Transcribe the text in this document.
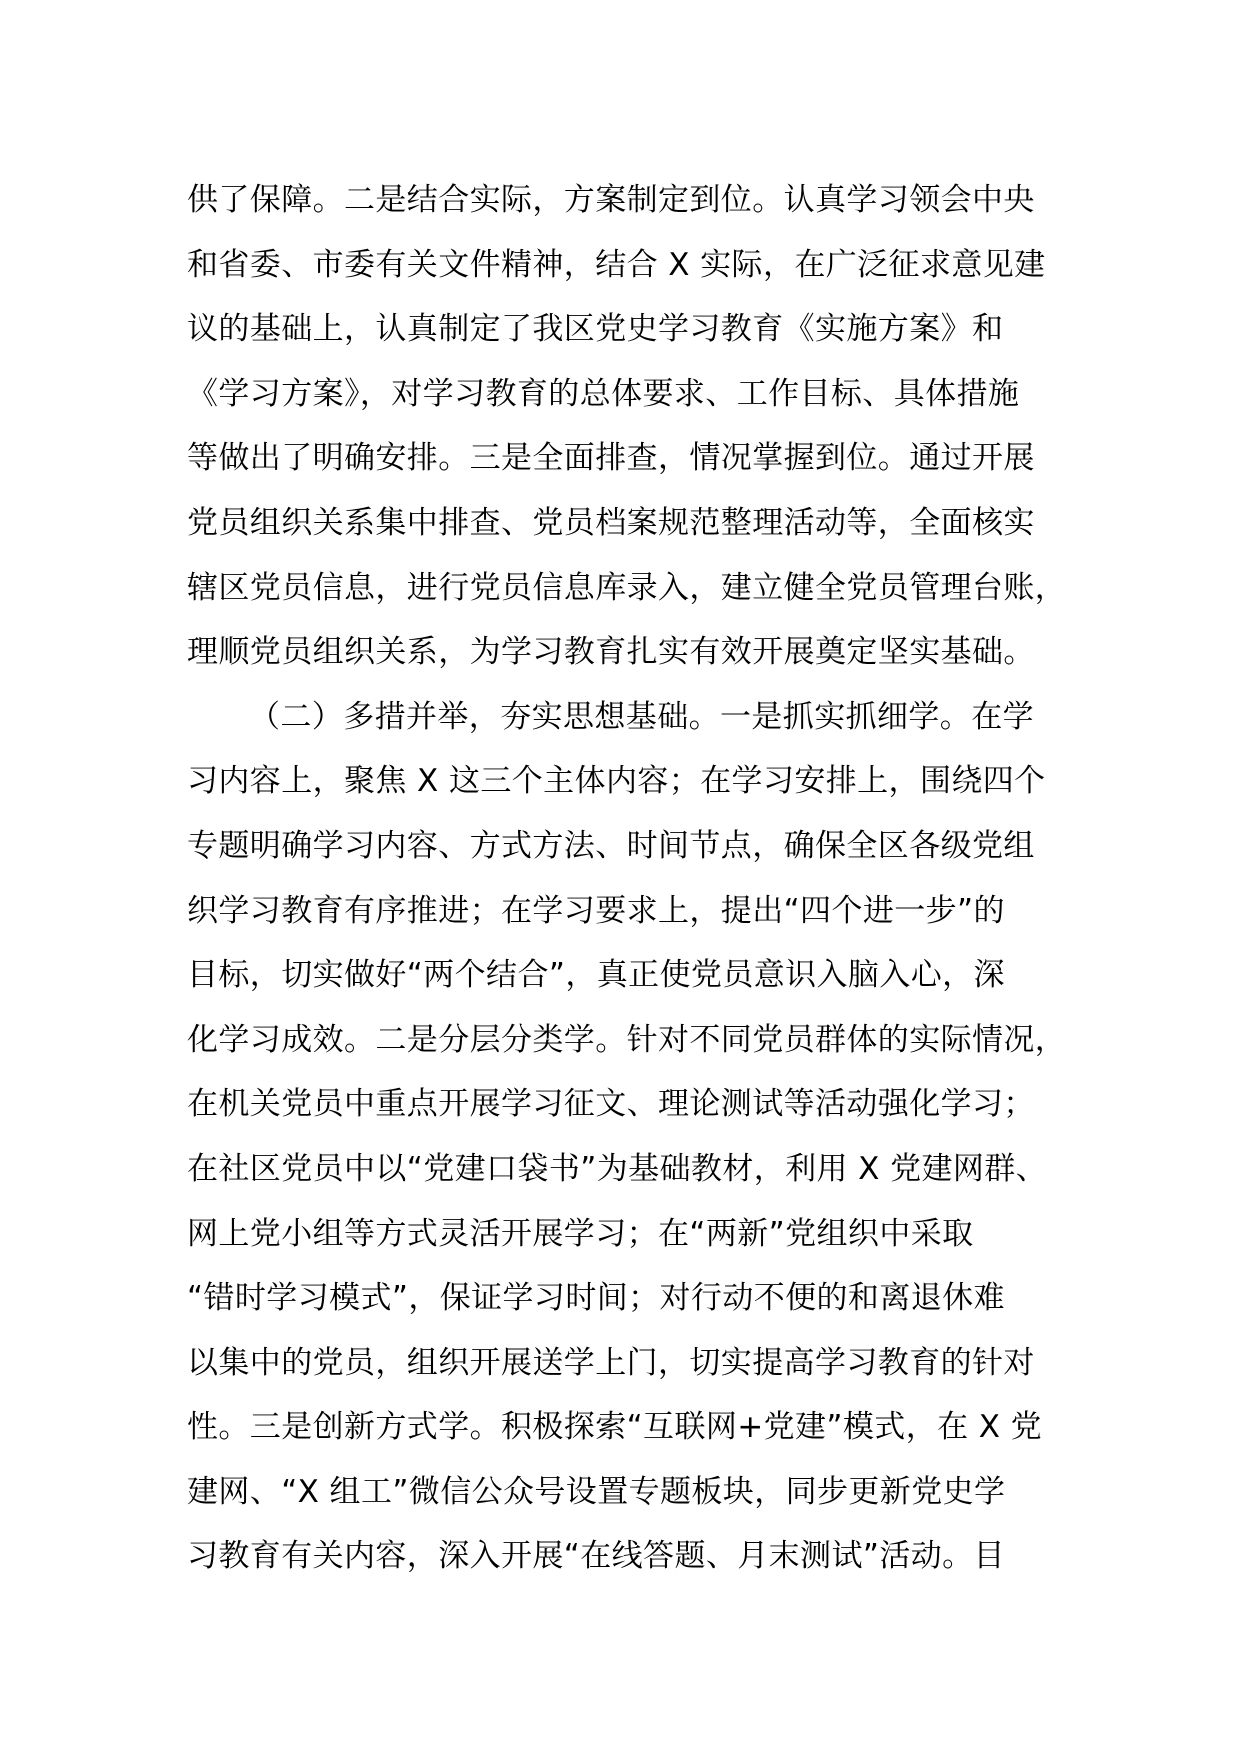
供了保障。二是结合实际，方案制定到位。认真学习领会中央
和省委、市委有关文件精神，结合 X 实际，在广泛征求意见建
议的基础上，认真制定了我区党史学习教育《实施方案》和
《学习方案》，对学习教育的总体要求、工作目标、具体措施
等做出了明确安排。三是全面排查，情况掌握到位。通过开展
党员组织关系集中排查、党员档案规范整理活动等，全面核实
辖区党员信息，进行党员信息库录入，建立健全党员管理台账，
理顺党员组织关系，为学习教育扎实有效开展奠定坚实基础。
（二）多措并举，夯实思想基础。一是抓实抓细学。在学
习内容上，聚焦 X 这三个主体内容；在学习安排上，围绕四个
专题明确学习内容、方式方法、时间节点，确保全区各级党组
织学习教育有序推进；在学习要求上，提出“四个进一步”的
目标，切实做好“两个结合”，真正使党员意识入脑入心，深
化学习成效。二是分层分类学。针对不同党员群体的实际情况，
在机关党员中重点开展学习征文、理论测试等活动强化学习；
在社区党员中以“党建口袋书”为基础教材，利用 X 党建网群、
网上党小组等方式灵活开展学习；在“两新”党组织中采取
“错时学习模式”，保证学习时间；对行动不便的和离退休难
以集中的党员，组织开展送学上门，切实提高学习教育的针对
性。三是创新方式学。积极探索“互联网+党建”模式，在 X 党
建网、“X 组工”微信公众号设置专题板块，同步更新党史学
习教育有关内容，深入开展“在线答题、月末测试”活动。目
